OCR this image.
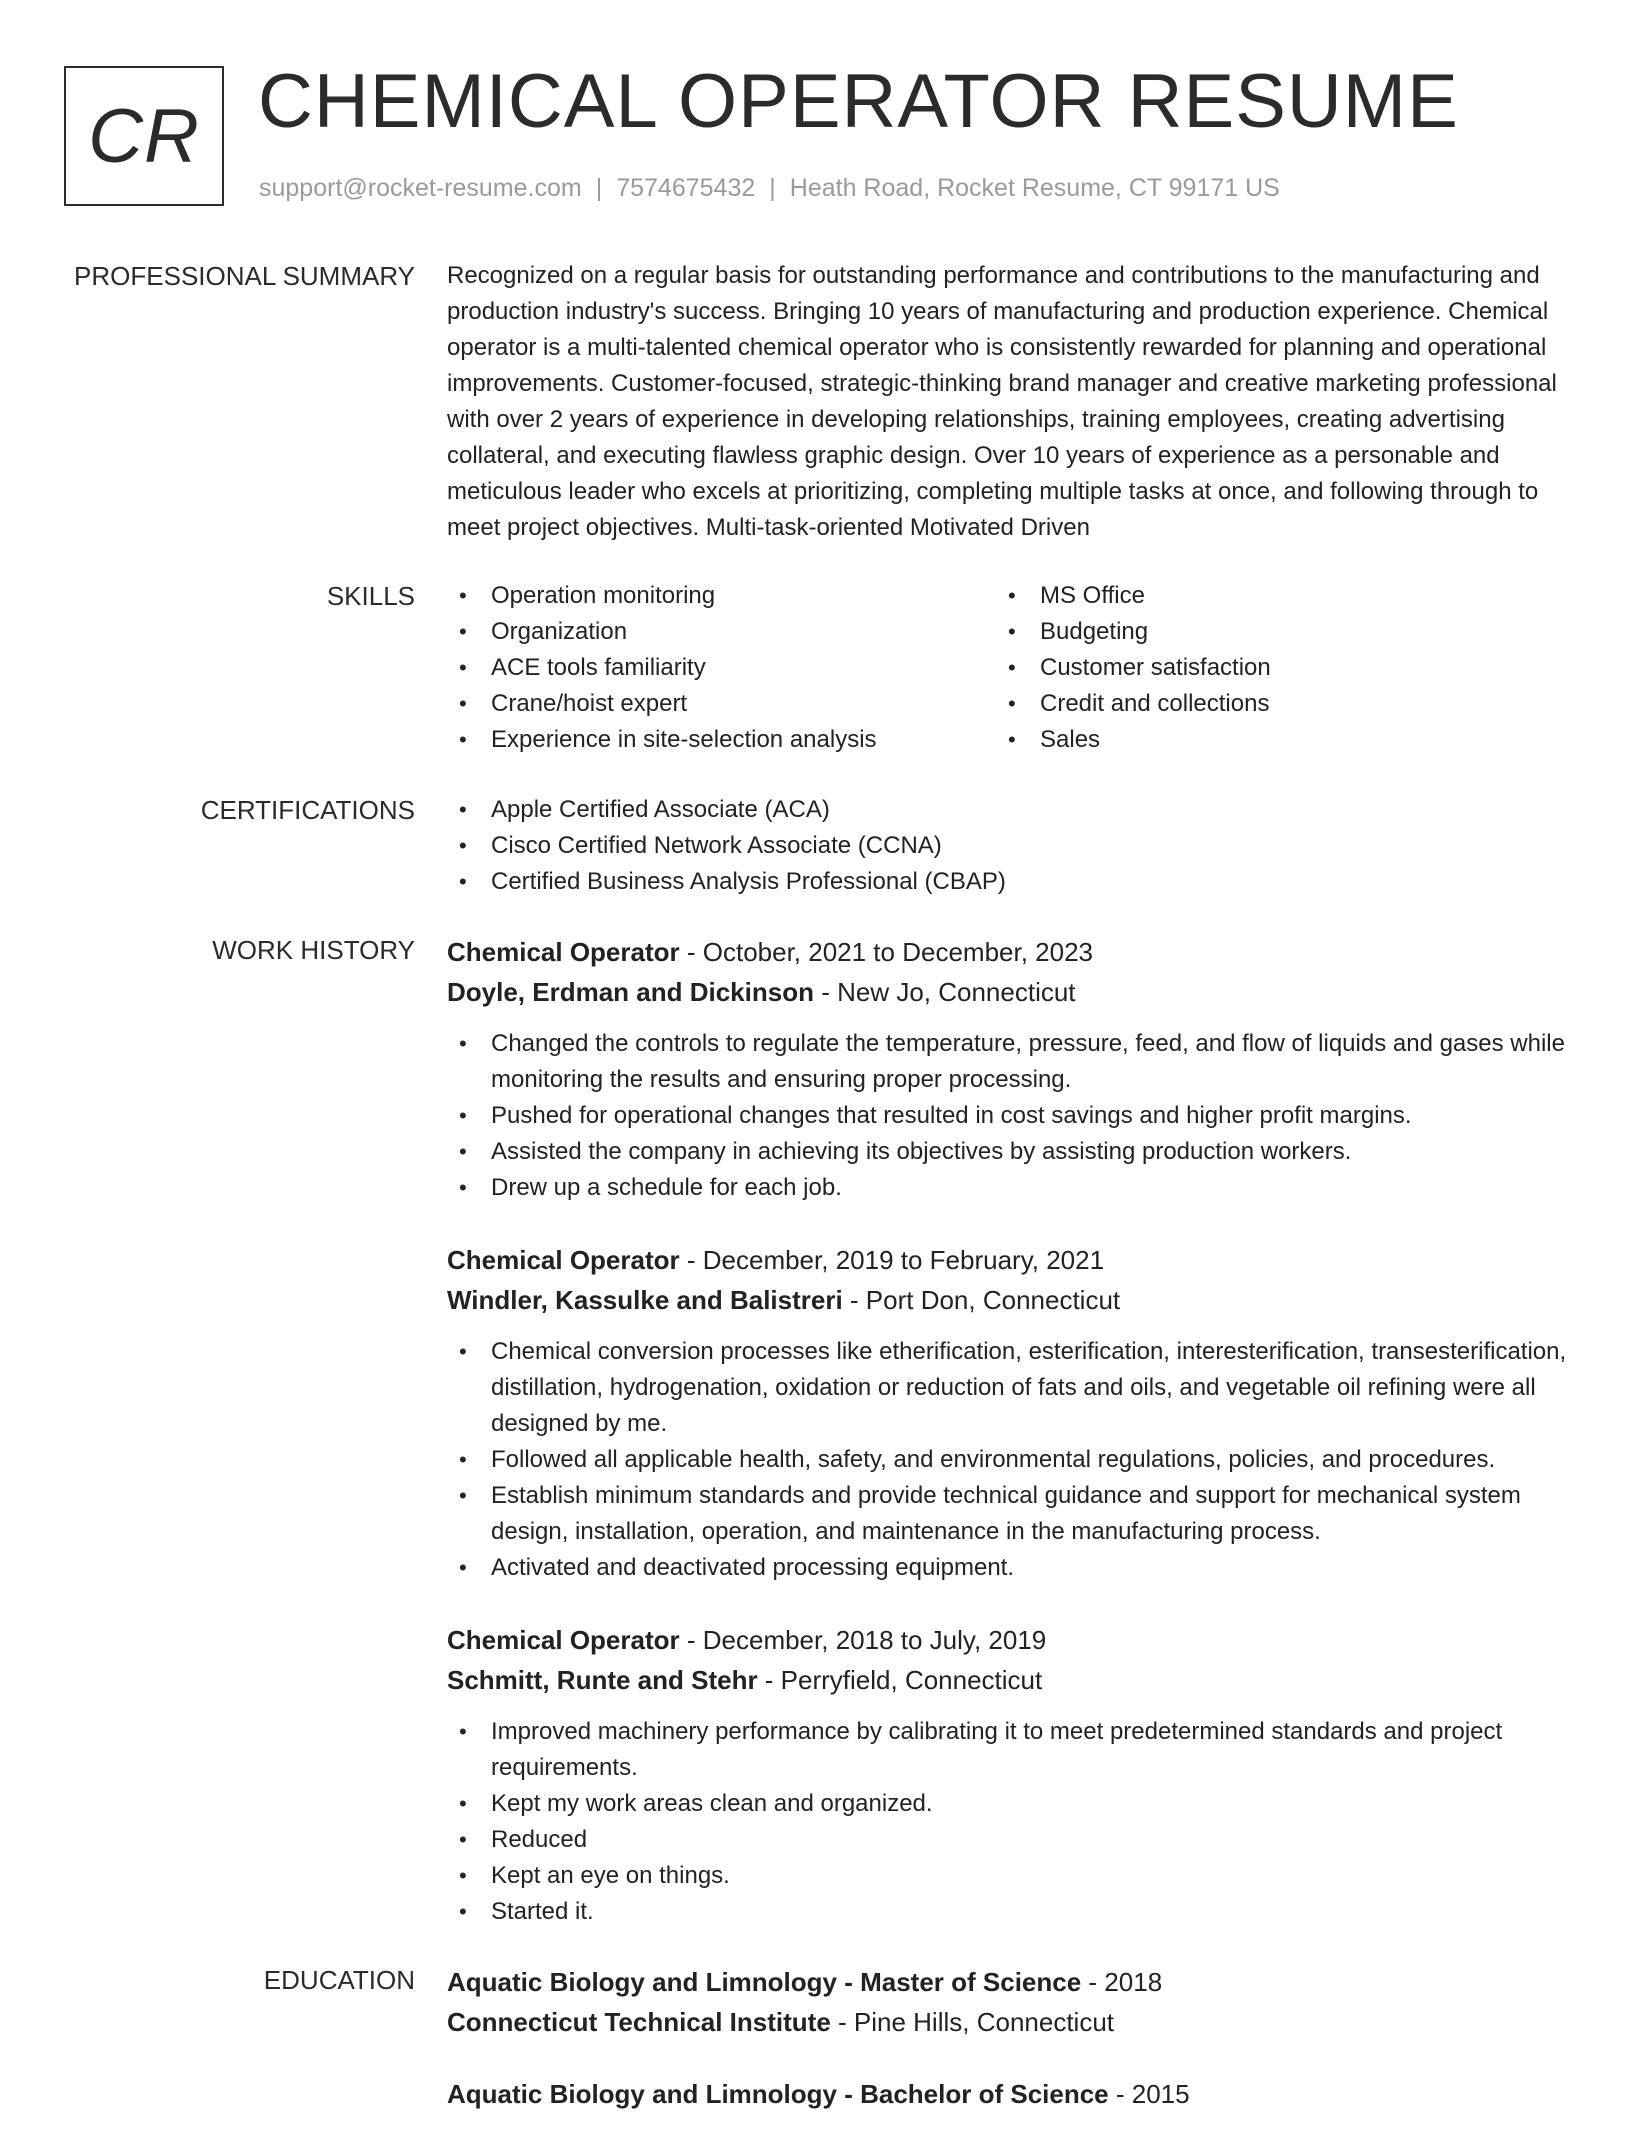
CR CHEMICAL OPERATOR RESUME
support@rocket-resume.com | 7574675432 | Heath Road, Rocket Resume, CT 99171 US
PROFESSIONAL SUMMARY Recognized on a regular basis for outstanding performance and contributions to the manufacturing and production industry's success. Bringing 10 years of manufacturing and production experience. Chemical operator is a multi-talented chemical operator who is consistently rewarded for planning and operational improvements. Customer-focused, strategic-thinking brand manager and creative marketing professional with over 2 years of experience in developing relationships, training employees, creating advertising collateral, and executing flawless graphic design. Over 10 years of experience as a personable and meticulous leader who excels at prioritizing, completing multiple tasks at once, and following through to meet project objectives. Multi-task-oriented Motivated Driven

SKILLS	• Operation monitoring
• Organization
• ACE tools familiarity
• Crane/hoist expert
• Experience in site-selection analysis
• MS Office
• Budgeting
• Customer satisfaction
• Credit and collections
• Sales
CERTIFICATIONS	• Apple Certified Associate (ACA)
• Cisco Certified Network Associate (CCNA)
• Certified Business Analysis Professional (CBAP)
WORK HISTORY Chemical Operator - October, 2021 to December, 2023
Doyle, Erdman and Dickinson - New Jo, Connecticut
• Changed the controls to regulate the temperature, pressure, feed, and flow of liquids and gases while monitoring the results and ensuring proper processing.
• Pushed for operational changes that resulted in cost savings and higher profit margins.
• Assisted the company in achieving its objectives by assisting production workers.
• Drew up a schedule for each job.
Chemical Operator - December, 2019 to February, 2021
Windler, Kassulke and Balistreri - Port Don, Connecticut
• Chemical conversion processes like etherification, esterification, interesterification, transesterification, distillation, hydrogenation, oxidation or reduction of fats and oils, and vegetable oil refining were all designed by me.
• Followed all applicable health, safety, and environmental regulations, policies, and procedures.
• Establish minimum standards and provide technical guidance and support for mechanical system design, installation, operation, and maintenance in the manufacturing process.
• Activated and deactivated processing equipment.
Chemical Operator - December, 2018 to July, 2019
Schmitt, Runte and Stehr - Perryfield, Connecticut
• Improved machinery performance by calibrating it to meet predetermined standards and project requirements.
• Kept my work areas clean and organized.
• Reduced
• Kept an eye on things.
• Started it.
EDUCATION Aquatic Biology and Limnology - Master of Science - 2018
Connecticut Technical Institute - Pine Hills, Connecticut
Aquatic Biology and Limnology - Bachelor of Science - 2015
